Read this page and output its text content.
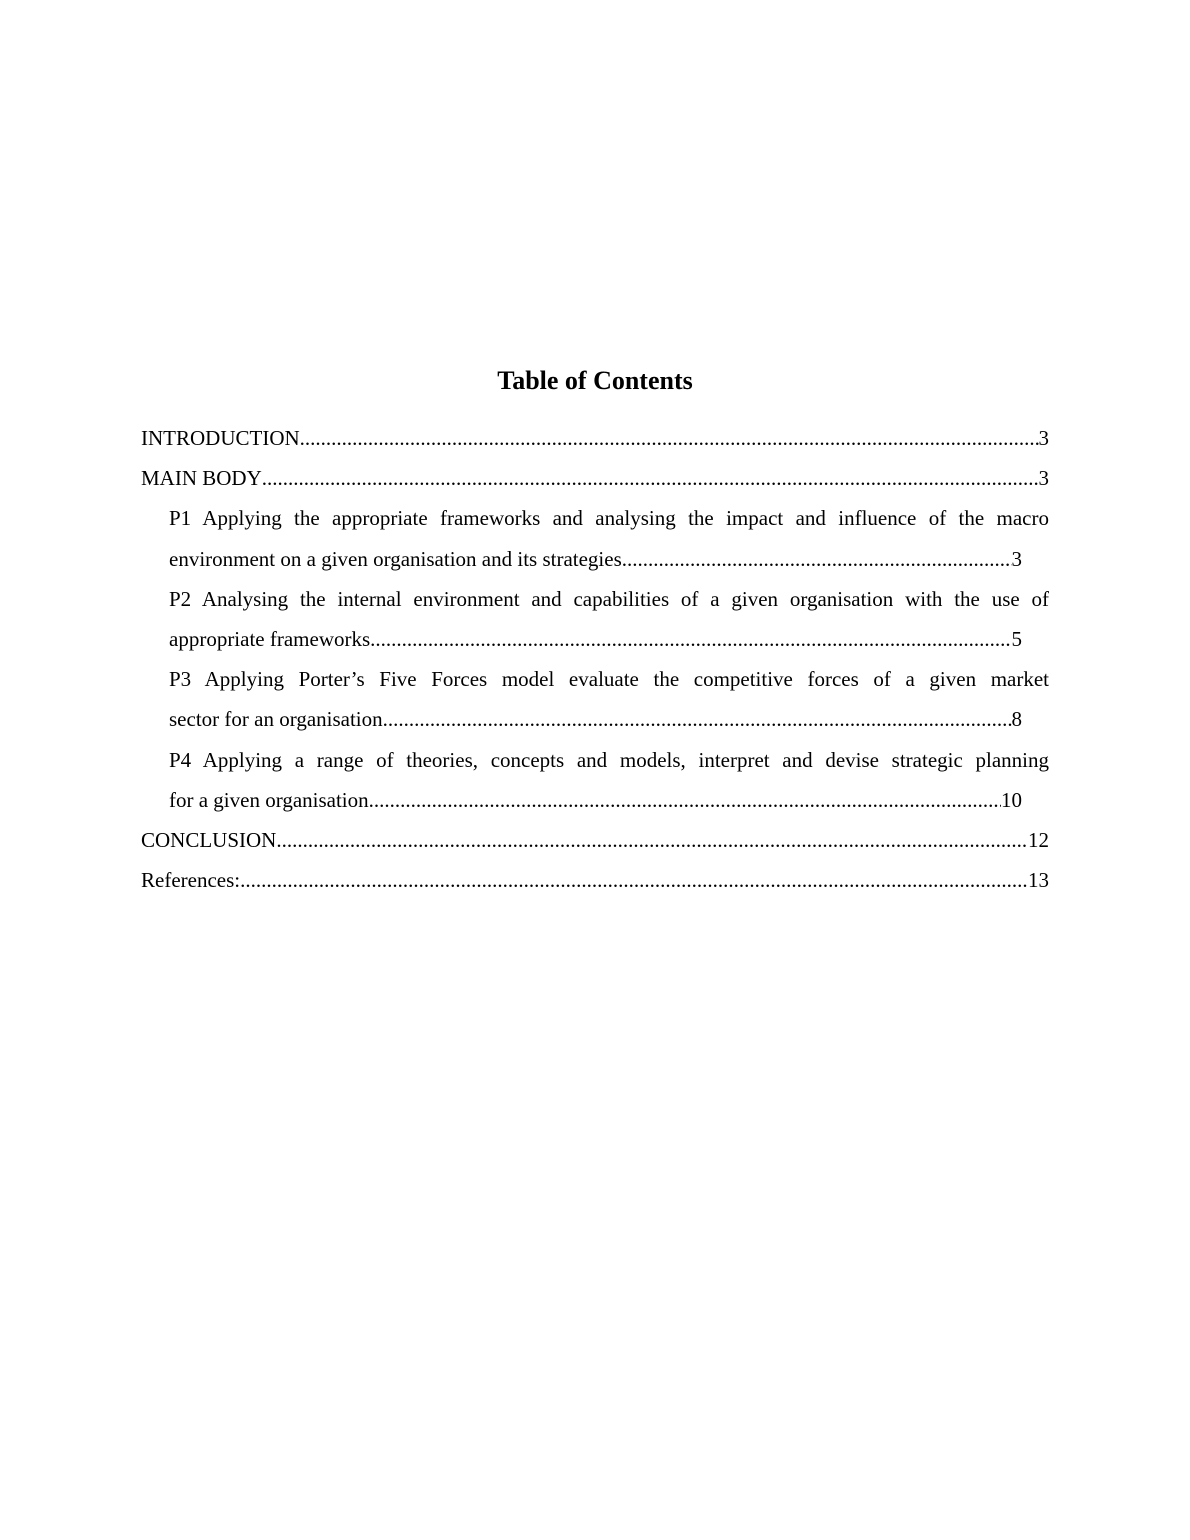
Table of Contents
INTRODUCTION .....	3
MAIN BODY .....	3
P1 Applying the appropriate frameworks and analysing the impact and influence of the macro
environment on a given organisation and its strategies .....	3
P2 Analysing the internal environment and capabilities of a given organisation with the use of
appropriate frameworks .....	5
P3 Applying Porter’s Five Forces model evaluate the competitive forces of a given market
sector for an organisation .....	8
P4 Applying a range of theories, concepts and models, interpret and devise strategic planning
for a given organisation .....	10
CONCLUSION .....	12
References: .....	13
